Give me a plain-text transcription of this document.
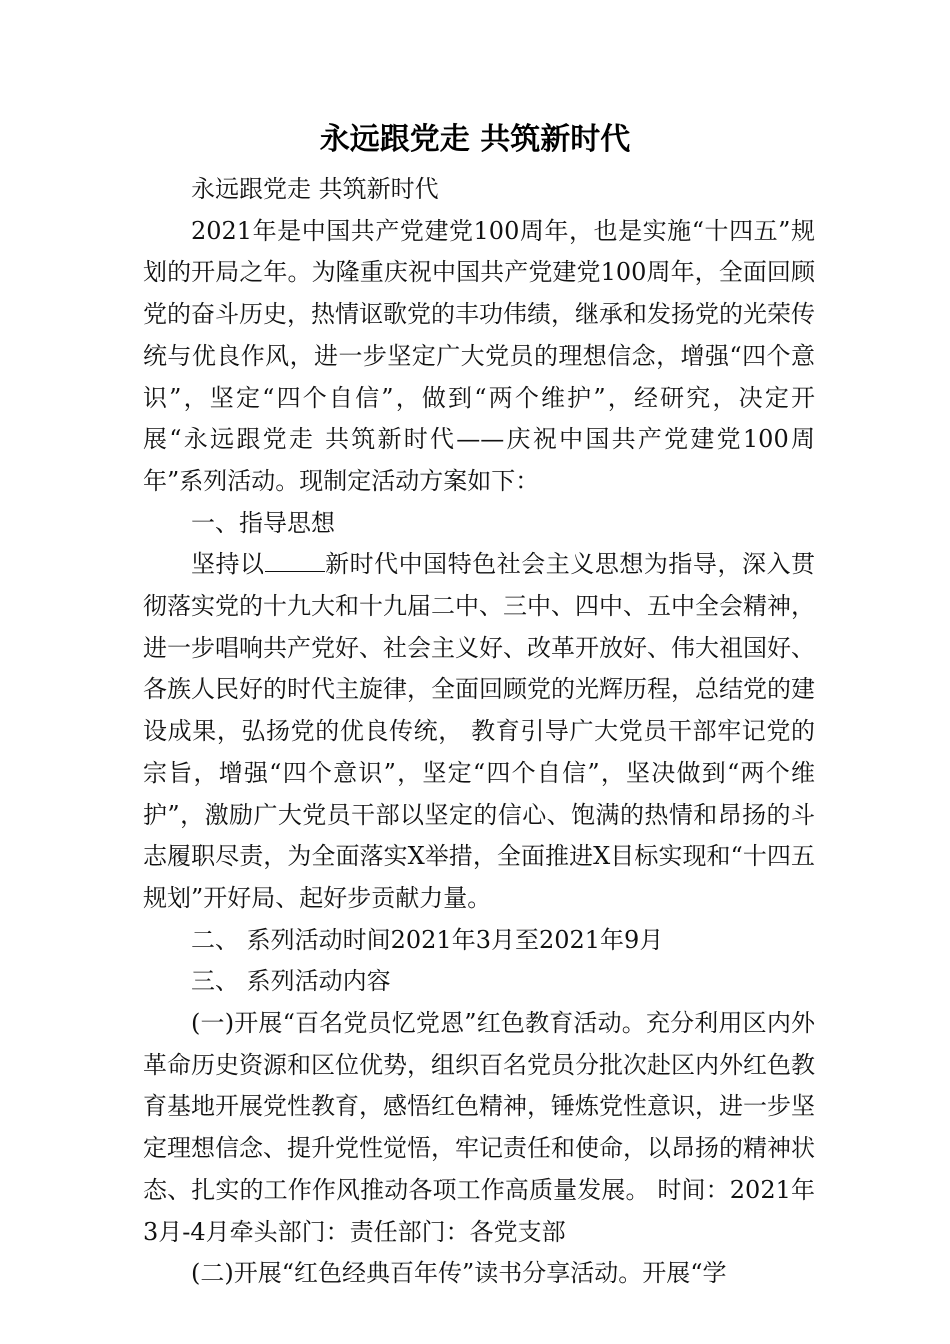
永远跟党走 共筑新时代

永远跟党走 共筑新时代

2021年是中国共产党建党100周年，也是实施“十四五”规划的开局之年。为隆重庆祝中国共产党建党100周年，全面回顾党的奋斗历史，热情讴歌党的丰功伟绩，继承和发扬党的光荣传统与优良作风，进一步坚定广大党员的理想信念，增强“四个意识”，坚定“四个自信”，做到“两个维护”，经研究，决定开展“永远跟党走 共筑新时代——庆祝中国共产党建党100周年”系列活动。现制定活动方案如下：

一、指导思想

坚持以	新时代中国特色社会主义思想为指导，深入贯彻落实党的十九大和十九届二中、三中、四中、五中全会精神，进一步唱响共产党好、社会主义好、改革开放好、伟大祖国好、各族人民好的时代主旋律，全面回顾党的光辉历程，总结党的建设成果，弘扬党的优良传统， 教育引导广大党员干部牢记党的宗旨，增强“四个意识”，坚定“四个自信”，坚决做到“两个维护”，激励广大党员干部以坚定的信心、饱满的热情和昂扬的斗志履职尽责，为全面落实X举措，全面推进X目标实现和“十四五规划”开好局、起好步贡献力量。

二、 系列活动时间2021年3月至2021年9月

三、 系列活动内容

(一)开展“百名党员忆党恩”红色教育活动。充分利用区内外革命历史资源和区位优势，组织百名党员分批次赴区内外红色教育基地开展党性教育，感悟红色精神，锤炼党性意识，进一步坚定理想信念、提升党性觉悟，牢记责任和使命，以昂扬的精神状态、扎实的工作作风推动各项工作高质量发展。 时间：2021年3月-4月牵头部门：责任部门：各党支部

(二)开展“红色经典百年传”读书分享活动。开展“学
